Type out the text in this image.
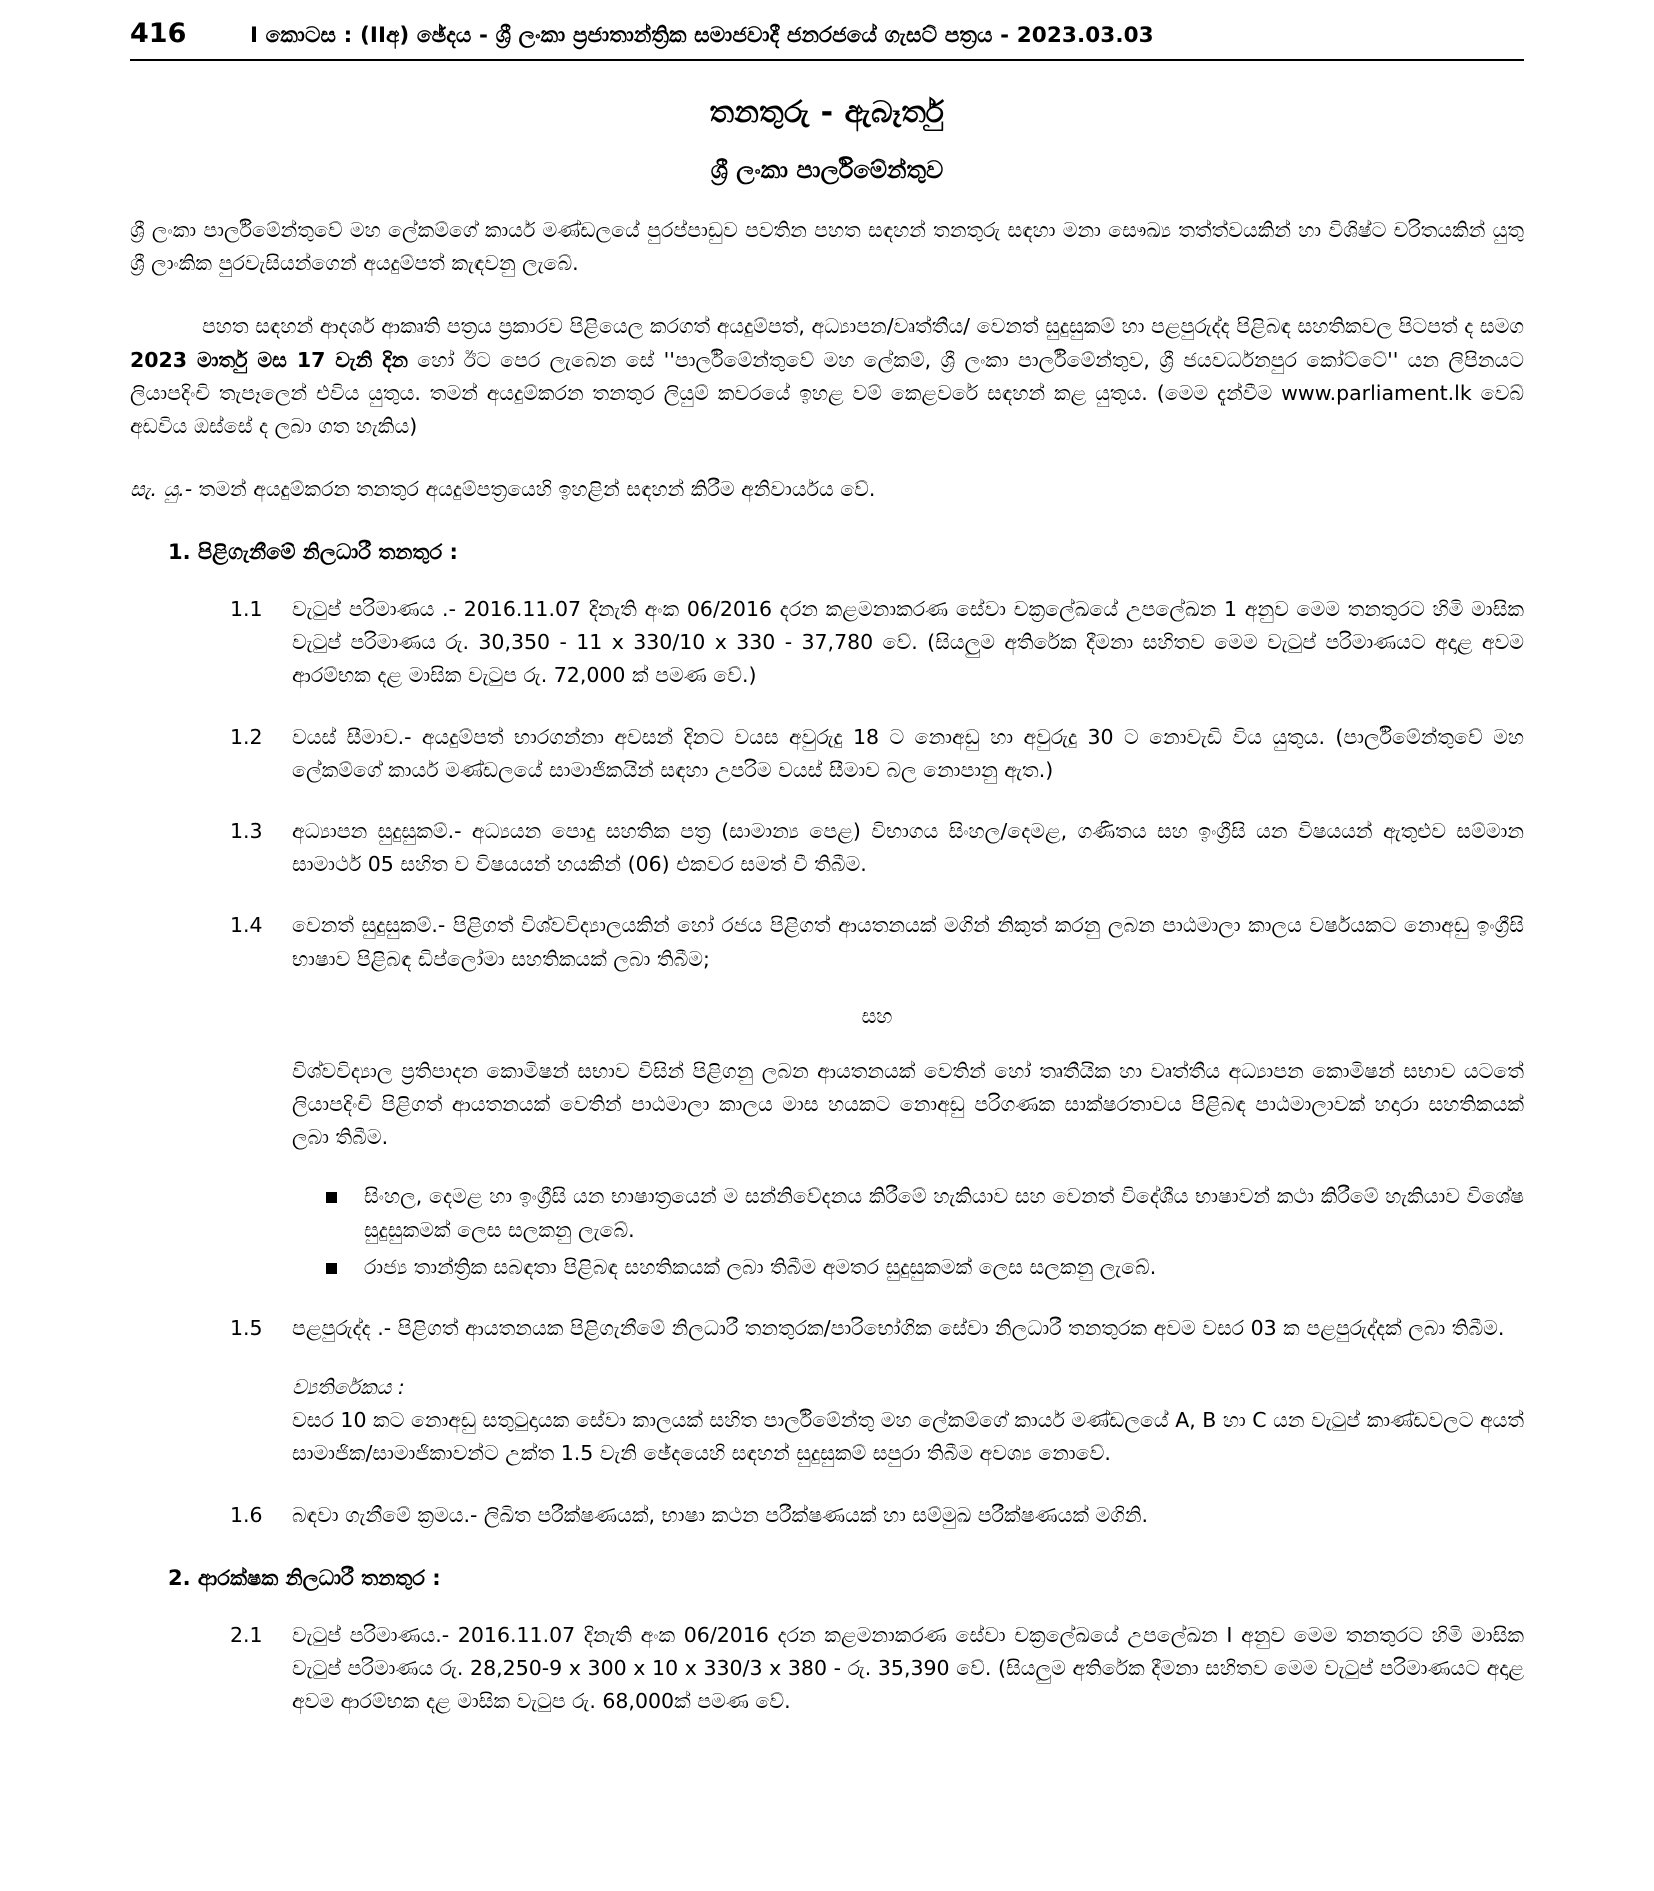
416	I කොටස : (IIඅ) ඡේදය - ශ්‍රී ලංකා ප්‍රජාතාන්ත්‍රික සමාජවාදී ජනරජයේ ගැසට් පත්‍රය - 2023.03.03
තනතුරු - ඇබෑර්තු
ශ්‍රී ලංකා පාර්ලිමේන්තුව

ශ්‍රී ලංකා පාර්ලිමේන්තුවේ මහ ලේකම්ගේ කාර්ය මණ්ඩලයේ පුරප්පාඩුව පවතින පහත සඳහන් තනතුරු සඳහා මනා සෞඛ්‍ය තත්ත්වයකින් හා විශිෂ්ට චරිතයකින් යුතු ශ්‍රී ලාංකික පුරවැසියන්ගෙන් අයදුම්පත් කැඳවනු ලැබේ.

පහත සඳහන් ආදර්ශ ආකෘති පත්‍රය ප්‍රකාරව පිළියෙල කරගත් අයදුම්පත්, අධ්‍යාපන/වෘත්තීය/ වෙනත් සුදුසුකම් හා පළපුරුද්ද පිළිබඳ සහතිකවල පිටපත් ද සමග 2023 මාර්තු මස 17 වැනි දින හෝ ඊට පෙර ලැබෙන සේ ''පාර්ලිමේන්තුවේ මහ ලේකම්, ශ්‍රී ලංකා පාර්ලිමේන්තුව, ශ්‍රී ජයවර්ධනපුර කෝට්ටේ'' යන ලිපිනයට ලියාපදිංචි තැපෑලෙන් එවිය යුතුය. තමන් අයදුම්කරන තනතුර ලියුම් කවරයේ ඉහළ වම් කෙළවරේ සඳහන් කළ යුතුය. (මෙම දැන්වීම www.parliament.lk වෙබ් අඩවිය ඔස්සේ ද ලබා ගත හැකිය)

සැ. යු.- තමන් අයදුම්කරන තනතුර අයදුම්පත්‍රයෙහි ඉහළින් සඳහන් කිරීම අනිවාර්යය වේ.
1. පිළිගැනීමේ නිලධාරී තනතුර :
1.1	වැටුප් පරිමාණය .- 2016.11.07 දිනැති අංක 06/2016 දරන කළමනාකරණ සේවා චක්‍රලේඛයේ උපලේඛන 1 අනුව මෙම තනතුරට හිමි මාසික වැටුප් පරිමාණය රු. 30,350 - 11 x 330/10 x 330 - 37,780 වේ. (සියලුම අතිරේක දීමනා සහිතව මෙම වැටුප් පරිමාණයට අදාළ අවම ආරම්භක දළ මාසික වැටුප රු. 72,000 ක් පමණ වේ.)
1.2	වයස් සීමාව.- අයදුම්පත් භාරගන්නා අවසන් දිනට වයස අවුරුදු 18 ට නොඅඩු හා අවුරුදු 30 ට නොවැඩි විය යුතුය. (පාර්ලිමේන්තුවේ මහ ලේකම්ගේ කාර්ය මණ්ඩලයේ සාමාජිකයින් සඳහා උපරිම වයස් සීමාව බල නොපානු ඇත.)
1.3	අධ්‍යාපන සුදුසුකම්.- අධ්‍යයන පොදු සහතික පත්‍ර (සාමාන්‍ය පෙළ) විභාගය සිංහල/දෙමළ, ගණිතය සහ ඉංග්‍රීසි යන විෂයයන් ඇතුළුව සම්මාන සාමාර්ථ 05 සහිත ව විෂයයන් හයකින් (06) එකවර සමත් වී තිබීම.
1.4	වෙනත් සුදුසුකම්.- පිළිගත් විශ්වවිද්‍යාලයකින් හෝ රජය පිළිගත් ආයතනයක් මගින් නිකුත් කරනු ලබන පාඨමාලා කාලය වර්ෂයකට නොඅඩු ඉංග්‍රීසි භාෂාව පිළිබඳ ඩිප්ලෝමා සහතිකයක් ලබා තිබීම;
සහ
විශ්වවිද්‍යාල ප්‍රතිපාදන කොමිෂන් සභාව විසින් පිළිගනු ලබන ආයතනයක් වෙතින් හෝ තෘතීයික හා වෘත්තීය අධ්‍යාපන කොමිෂන් සභාව යටතේ ලියාපදිංචි පිළිගත් ආයතනයක් වෙතින් පාඨමාලා කාලය මාස හයකට නොඅඩු පරිගණක සාක්ෂරතාවය පිළිබඳ පාඨමාලාවක් හදාරා සහතිකයක් ලබා තිබීම.
සිංහල, දෙමළ හා ඉංග්‍රීසි යන භාෂාත්‍රයෙන් ම සන්නිවේදනය කිරීමේ හැකියාව සහ වෙනත් විදේශීය භාෂාවන් කථා කිරීමේ හැකියාව විශේෂ සුදුසුකමක් ලෙස සලකනු ලැබේ.
රාජ්‍ය තාන්ත්‍රික සබඳතා පිළිබඳ සහතිකයක් ලබා තිබීම අමතර සුදුසුකමක් ලෙස සලකනු ලැබේ.
1.5	පළපුරුද්ද .- පිළිගත් ආයතනයක පිළිගැනීමේ නිලධාරී තනතුරක/පාරිභෝගික සේවා නිලධාරී තනතුරක අවම වසර 03 ක පළපුරුද්දක් ලබා තිබීම.
ව්‍යතිරේකය :
වසර 10 කට නොඅඩු සතුටුදායක සේවා කාලයක් සහිත පාර්ලිමේන්තු මහ ලේකම්ගේ කාර්ය මණ්ඩලයේ A, B හා C යන වැටුප් කාණ්ඩවලට අයත් සාමාජික/සාමාජිකාවන්ට උක්ත 1.5 වැනි ඡේදයෙහි සඳහන් සුදුසුකම් සපුරා තිබීම අවශ්‍ය නොවේ.
1.6	බඳවා ගැනීමේ ක්‍රමය.- ලිඛිත පරීක්ෂණයක්, භාෂා කථන පරීක්ෂණයක් හා සම්මුඛ පරීක්ෂණයක් මගිනි.
2. ආරක්ෂක නිලධාරී තනතුර :
2.1	වැටුප් පරිමාණය.- 2016.11.07 දිනැති අංක 06/2016 දරන කළමනාකරණ සේවා චක්‍රලේඛයේ උපලේඛන I අනුව මෙම තනතුරට හිමි මාසික වැටුප් පරිමාණය රු. 28,250-9 x 300 x 10 x 330/3 x 380 - රු. 35,390 වේ. (සියලුම අතිරේක දීමනා සහිතව මෙම වැටුප් පරිමාණයට අදාළ අවම ආරම්භක දළ මාසික වැටුප රු. 68,000ක් පමණ වේ.
